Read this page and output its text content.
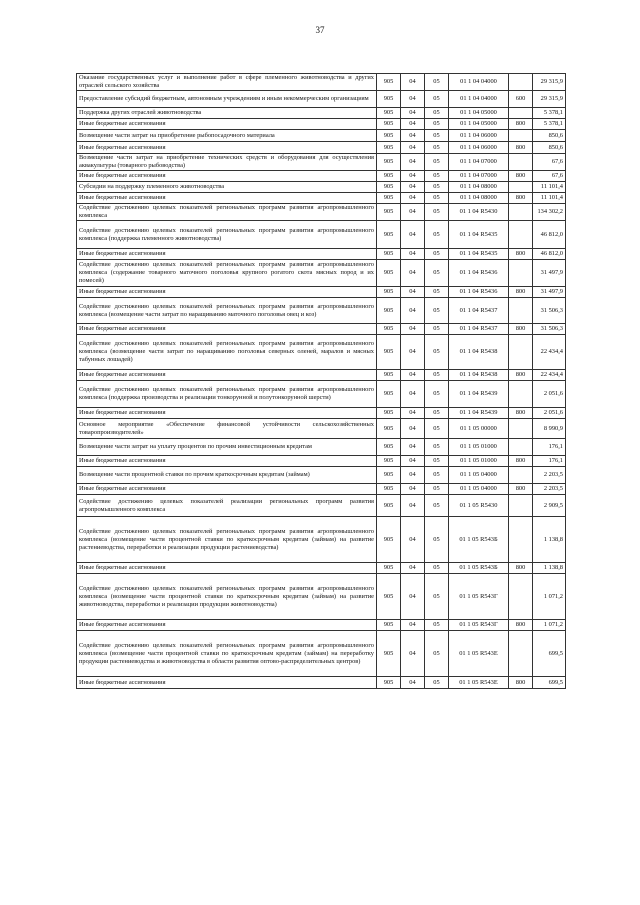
37
Оказание государственных услуг и выполнение работ в сфере племенного животноводства и других отраслей сельского хозяйства	905	04	05	01 1 04 04000		29 315,9
Предоставление субсидий бюджетным, автономным учреждениям и иным некоммерческим организациям	905	04	05	01 1 04 04000	600	29 315,9
Поддержка других отраслей животноводства	905	04	05	01 1 04 05000		5 378,1
Иные бюджетные ассигнования	905	04	05	01 1 04 05000	800	5 378,1
Возмещение части затрат на приобретение рыбопосадочного материала	905	04	05	01 1 04 06000		850,6
Иные бюджетные ассигнования	905	04	05	01 1 04 06000	800	850,6
Возмещение части затрат на приобретение технических средств и оборудования для осуществления аквакультуры (товарного рыбоводства)	905	04	05	01 1 04 07000		67,6
Иные бюджетные ассигнования	905	04	05	01 1 04 07000	800	67,6
Субсидии на поддержку племенного животноводства	905	04	05	01 1 04 08000		11 101,4
Иные бюджетные ассигнования	905	04	05	01 1 04 08000	800	11 101,4
Содействие достижению целевых показателей региональных программ развития агропромышленного комплекса	905	04	05	01 1 04 R5430		134 302,2
Содействие достижению целевых показателей региональных программ развития агропромышленного комплекса (поддержка племенного животноводства)	905	04	05	01 1 04 R5435		46 812,0
Иные бюджетные ассигнования	905	04	05	01 1 04 R5435	800	46 812,0
Содействие достижению целевых показателей региональных программ развития агропромышленного комплекса (содержание товарного маточного поголовья крупного рогатого скота мясных пород и их помесей)	905	04	05	01 1 04 R5436		31 497,9
Иные бюджетные ассигнования	905	04	05	01 1 04 R5436	800	31 497,9
Содействие достижению целевых показателей региональных программ развития агропромышленного комплекса (возмещение части затрат по наращиванию маточного поголовья овец и коз)	905	04	05	01 1 04 R5437		31 506,3
Иные бюджетные ассигнования	905	04	05	01 1 04 R5437	800	31 506,3
Содействие достижению целевых показателей региональных программ развития агропромышленного комплекса (возмещение части затрат по наращиванию поголовья северных оленей, маралов и мясных табунных лошадей)	905	04	05	01 1 04 R5438		22 434,4
Иные бюджетные ассигнования	905	04	05	01 1 04 R5438	800	22 434,4
Содействие достижению целевых показателей региональных программ развития агропромышленного комплекса (поддержка производства и реализации тонкорунной и полутонкорунной шерсти)	905	04	05	01 1 04 R5439		2 051,6
Иные бюджетные ассигнования	905	04	05	01 1 04 R5439	800	2 051,6
Основное мероприятие «Обеспечение финансовой устойчивости сельскохозяйственных товаропроизводителей»	905	04	05	01 1 05 00000		8 990,9
Возмещение части затрат на уплату процентов по прочим инвестиционным кредитам	905	04	05	01 1 05 01000		176,1
Иные бюджетные ассигнования	905	04	05	01 1 05 01000	800	176,1
Возмещение части процентной ставки по прочим краткосрочным кредитам (займам)	905	04	05	01 1 05 04000		2 203,5
Иные бюджетные ассигнования	905	04	05	01 1 05 04000	800	2 203,5
Содействие достижению целевых показателей реализации региональных программ развития агропромышленного комплекса	905	04	05	01 1 05 R5430		2 909,5
Содействие достижению целевых показателей региональных программ развития агропромышленного комплекса (возмещение части процентной ставки по краткосрочным кредитам (займам) на развитие растениеводства, переработки и реализации продукции растениеводства)	905	04	05	01 1 05 R543Б		1 138,8
Иные бюджетные ассигнования	905	04	05	01 1 05 R543Б	800	1 138,8
Содействие достижению целевых показателей региональных программ развития агропромышленного комплекса (возмещение части процентной ставки по краткосрочным кредитам (займам) на развитие животноводства, переработки и реализации продукции животноводства)	905	04	05	01 1 05 R543Г		1 071,2
Иные бюджетные ассигнования	905	04	05	01 1 05 R543Г	800	1 071,2
Содействие достижению целевых показателей региональных программ развития агропромышленного комплекса (возмещение части процентной ставки по краткосрочным кредитам (займам) на переработку продукции растениеводства и животноводства в области развития оптово-распределительных центров)	905	04	05	01 1 05 R543Е		699,5
Иные бюджетные ассигнования	905	04	05	01 1 05 R543Е	800	699,5
